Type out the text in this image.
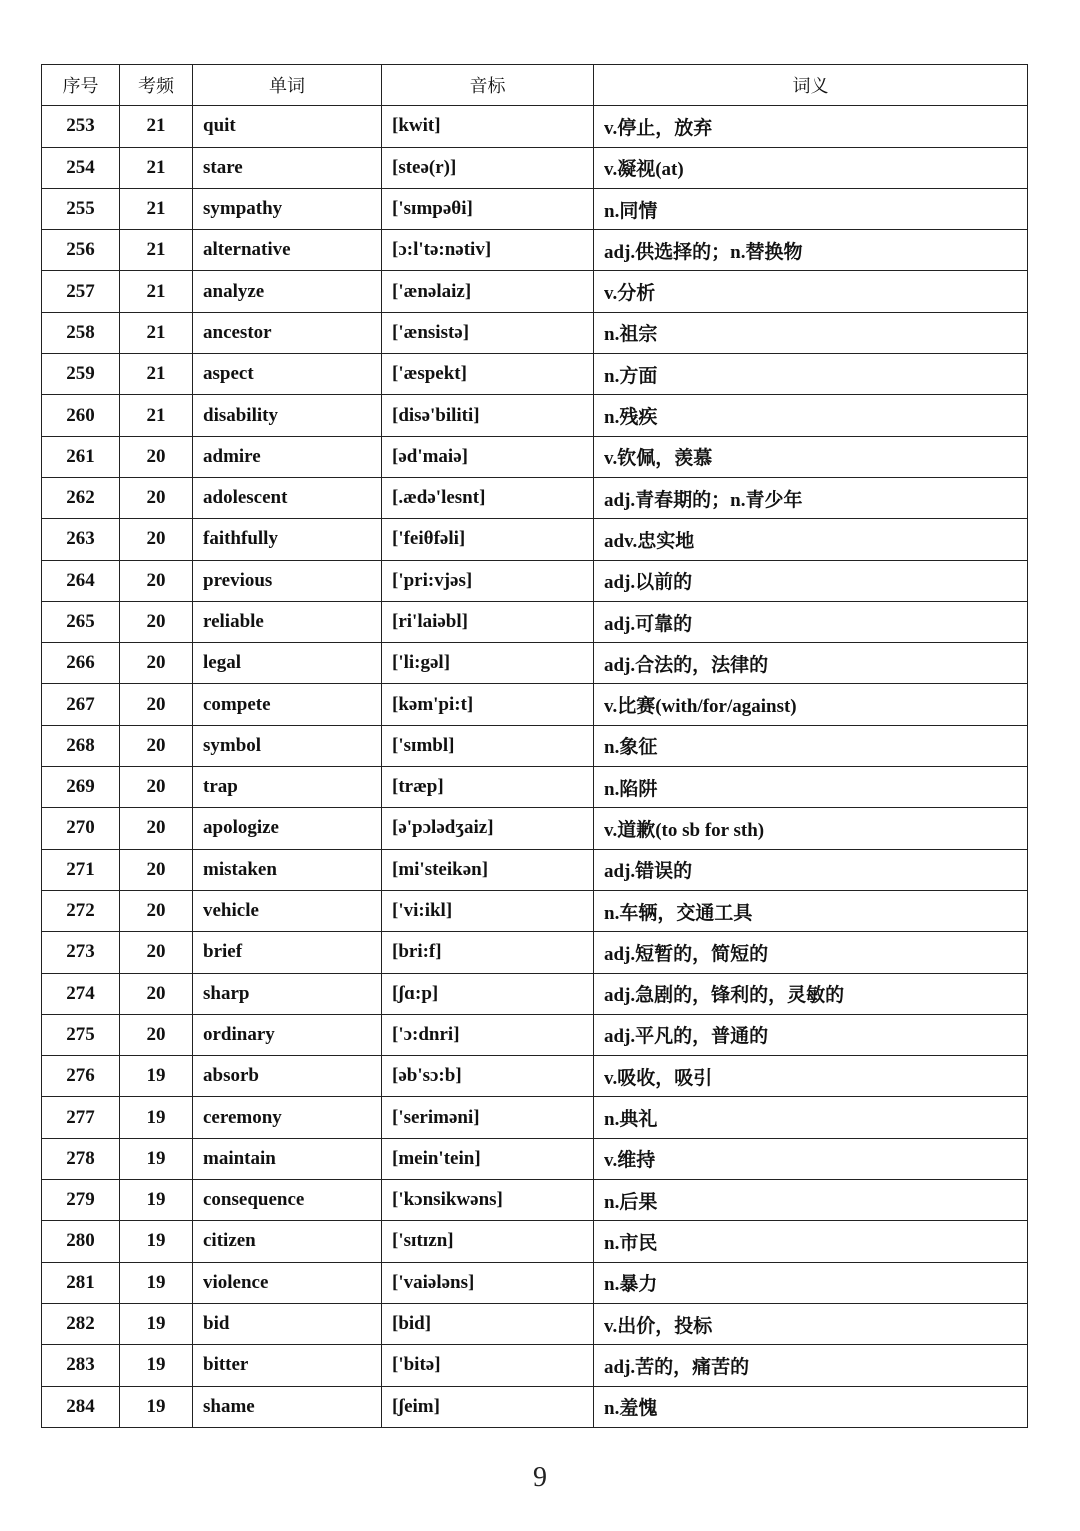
序号	考频	单词	音标	词义
253	21	quit	[kwit]	v.停止，放弃
254	21	stare	[steə(r)]	v.凝视(at)
255	21	sympathy	['sɪmpəθi]	n.同情
256	21	alternative	[ɔ:l'tə:nətiv]	adj.供选择的；n.替换物
257	21	analyze	['ænəlaiz]	v.分析
258	21	ancestor	['ænsistə]	n.祖宗
259	21	aspect	['æspekt]	n.方面
260	21	disability	[disə'biliti]	n.残疾
261	20	admire	[əd'maiə]	v.钦佩，羡慕
262	20	adolescent	[.ædə'lesnt]	adj.青春期的；n.青少年
263	20	faithfully	['feiθfəli]	adv.忠实地
264	20	previous	['pri:vjəs]	adj.以前的
265	20	reliable	[ri'laiəbl]	adj.可靠的
266	20	legal	['li:gəl]	adj.合法的，法律的
267	20	compete	[kəm'pi:t]	v.比赛(with/for/against)
268	20	symbol	['sɪmbl]	n.象征
269	20	trap	[træp]	n.陷阱
270	20	apologize	[ə'pɔlədʒaiz]	v.道歉(to sb for sth)
271	20	mistaken	[mi'steikən]	adj.错误的
272	20	vehicle	['vi:ikl]	n.车辆，交通工具
273	20	brief	[bri:f]	adj.短暂的，简短的
274	20	sharp	[ʃɑ:p]	adj.急剧的，锋利的，灵敏的
275	20	ordinary	['ɔ:dnri]	adj.平凡的，普通的
276	19	absorb	[əb'sɔ:b]	v.吸收，吸引
277	19	ceremony	['seriməni]	n.典礼
278	19	maintain	[mein'tein]	v.维持
279	19	consequence	['kɔnsikwəns]	n.后果
280	19	citizen	['sɪtɪzn]	n.市民
281	19	violence	['vaiələns]	n.暴力
282	19	bid	[bid]	v.出价，投标
283	19	bitter	['bitə]	adj.苦的，痛苦的
284	19	shame	[ʃeim]	n.羞愧
9
